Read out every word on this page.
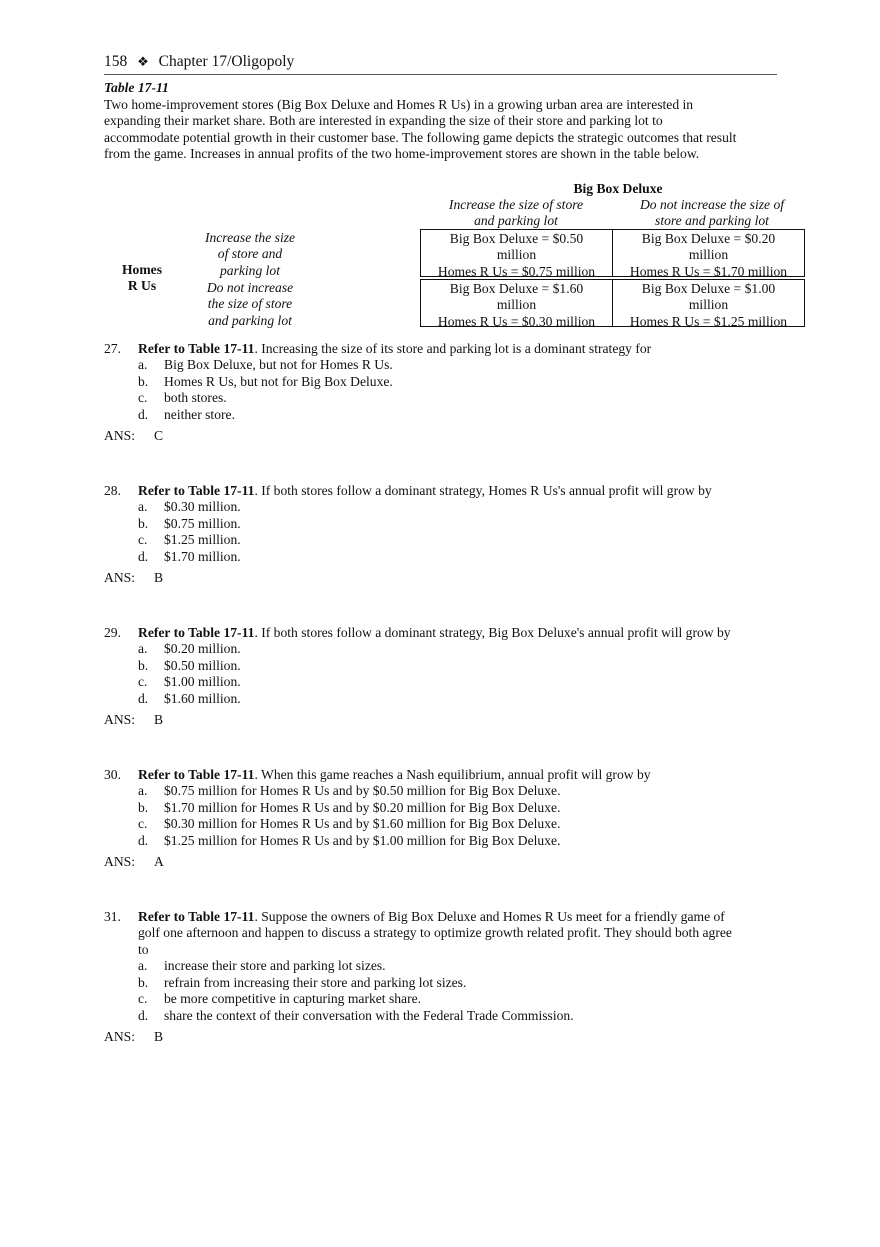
158 ❖ Chapter 17/Oligopoly
Table 17-11
Two home-improvement stores (Big Box Deluxe and Homes R Us) in a growing urban area are interested in
expanding their market share. Both are interested in expanding the size of their store and parking lot to
accommodate potential growth in their customer base. The following game depicts the strategic outcomes that result
from the game. Increases in annual profits of the two home-improvement stores are shown in the table below.
Big Box Deluxe
Increase the size of store
and parking lot
Do not increase the size of
store and parking lot
Homes
R Us
Increase the size
of store and
parking lot
Do not increase
the size of store
and parking lot
Big Box Deluxe = $0.50
million
Homes R Us = $0.75 million
Big Box Deluxe = $0.20
million
Homes R Us = $1.70 million
Big Box Deluxe = $1.60
million
Homes R Us = $0.30 million
Big Box Deluxe = $1.00
million
Homes R Us = $1.25 million
27. Refer to Table 17-11. Increasing the size of its store and parking lot is a dominant strategy for
a. Big Box Deluxe, but not for Homes R Us.
b. Homes R Us, but not for Big Box Deluxe.
c. both stores.
d. neither store.
ANS: C
28. Refer to Table 17-11. If both stores follow a dominant strategy, Homes R Us's annual profit will grow by
a. $0.30 million.
b. $0.75 million.
c. $1.25 million.
d. $1.70 million.
ANS: B
29. Refer to Table 17-11. If both stores follow a dominant strategy, Big Box Deluxe's annual profit will grow by
a. $0.20 million.
b. $0.50 million.
c. $1.00 million.
d. $1.60 million.
ANS: B
30. Refer to Table 17-11. When this game reaches a Nash equilibrium, annual profit will grow by
a. $0.75 million for Homes R Us and by $0.50 million for Big Box Deluxe.
b. $1.70 million for Homes R Us and by $0.20 million for Big Box Deluxe.
c. $0.30 million for Homes R Us and by $1.60 million for Big Box Deluxe.
d. $1.25 million for Homes R Us and by $1.00 million for Big Box Deluxe.
ANS: A
31. Refer to Table 17-11. Suppose the owners of Big Box Deluxe and Homes R Us meet for a friendly game of
golf one afternoon and happen to discuss a strategy to optimize growth related profit. They should both agree
to
a. increase their store and parking lot sizes.
b. refrain from increasing their store and parking lot sizes.
c. be more competitive in capturing market share.
d. share the context of their conversation with the Federal Trade Commission.
ANS: B
